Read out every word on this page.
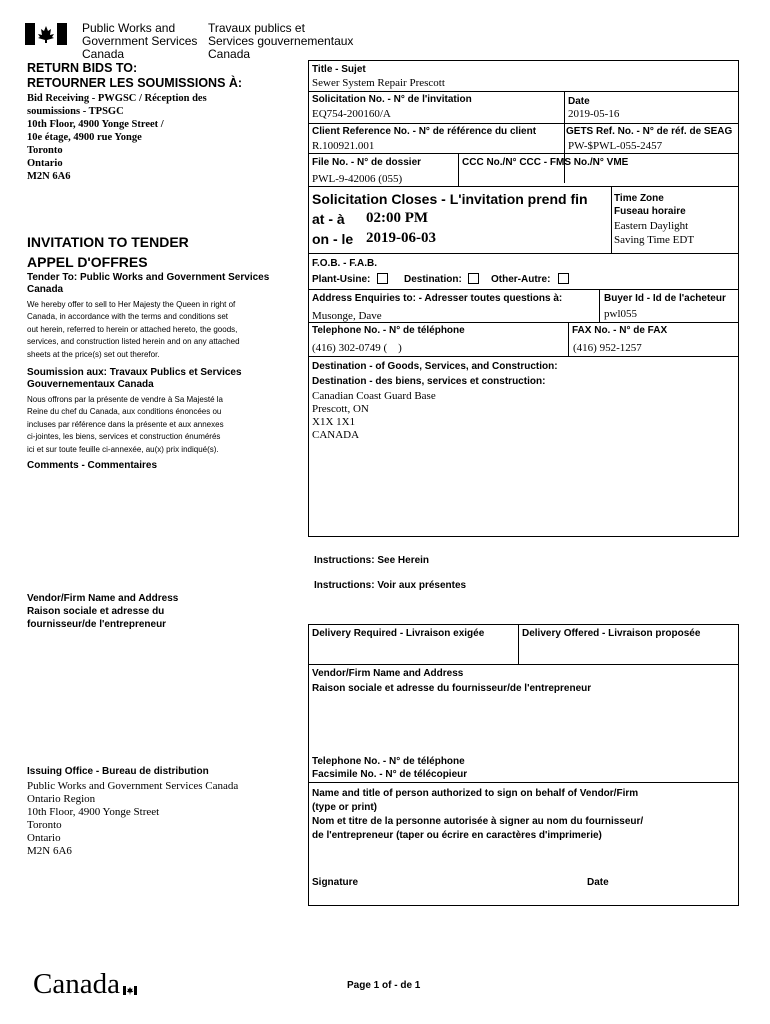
Public Works and
Government Services
Canada
Travaux publics et
Services gouvernementaux
Canada
RETURN BIDS TO:
RETOURNER LES SOUMISSIONS À:
Bid Receiving - PWGSC / Réception des
soumissions - TPSGC
10th Floor, 4900 Yonge Street /
10e étage, 4900 rue Yonge
Toronto
Ontario
M2N 6A6
INVITATION TO TENDER
APPEL D'OFFRES
Tender To: Public Works and Government Services
Canada
We hereby offer to sell to Her Majesty the Queen in right of
Canada, in accordance with the terms and conditions set
out herein, referred to herein or attached hereto, the goods,
services, and construction listed herein and on any attached
sheets at the price(s) set out therefor.
Soumission aux: Travaux Publics et Services
Gouvernementaux Canada
Nous offrons par la présente de vendre à Sa Majesté la
Reine du chef du Canada, aux conditions énoncées ou
incluses par référence dans la présente et aux annexes
ci-jointes, les biens, services et construction énumérés
ici et sur toute feuille ci-annexée, au(x) prix indiqué(s).
Comments - Commentaires
Vendor/Firm Name and Address
Raison sociale et adresse du
fournisseur/de l'entrepreneur
Issuing Office - Bureau de distribution
Public Works and Government Services Canada
Ontario Region
10th Floor, 4900 Yonge Street
Toronto
Ontario
M2N 6A6
Title - Sujet
Sewer System Repair Prescott
Solicitation No. - N° de l'invitation
EQ754-200160/A
Date
2019-05-16
Client Reference No. - N° de référence du client
R.100921.001
GETS Ref. No. - N° de réf. de SEAG
PW-$PWL-055-2457
File No. - N° de dossier
PWL-9-42006 (055)
CCC No./N° CCC - FMS No./N° VME
Solicitation Closes - L'invitation prend fin
at - à 02:00 PM
on - le 2019-06-03
Time Zone
Fuseau horaire
Eastern Daylight
Saving Time EDT
F.O.B. - F.A.B.
Plant-Usine:	Destination:	Other-Autre:
Address Enquiries to: - Adresser toutes questions à:
Musonge, Dave
Buyer Id - Id de l'acheteur
pwl055
Telephone No. - N° de téléphone
(416) 302-0749 (    )
FAX No. - N° de FAX
(416) 952-1257
Destination - of Goods, Services, and Construction:
Destination - des biens, services et construction:
Canadian Coast Guard Base
Prescott, ON
X1X 1X1
CANADA
Instructions: See Herein
Instructions: Voir aux présentes
Delivery Required - Livraison exigée	Delivery Offered - Livraison proposée
Vendor/Firm Name and Address
Raison sociale et adresse du fournisseur/de l'entrepreneur
Telephone No. - N° de téléphone
Facsimile No. - N° de télécopieur
Name and title of person authorized to sign on behalf of Vendor/Firm
(type or print)
Nom et titre de la personne autorisée à signer au nom du fournisseur/
de l'entrepreneur (taper ou écrire en caractères d'imprimerie)
Signature	Date
Canada	Page 1 of - de 1
